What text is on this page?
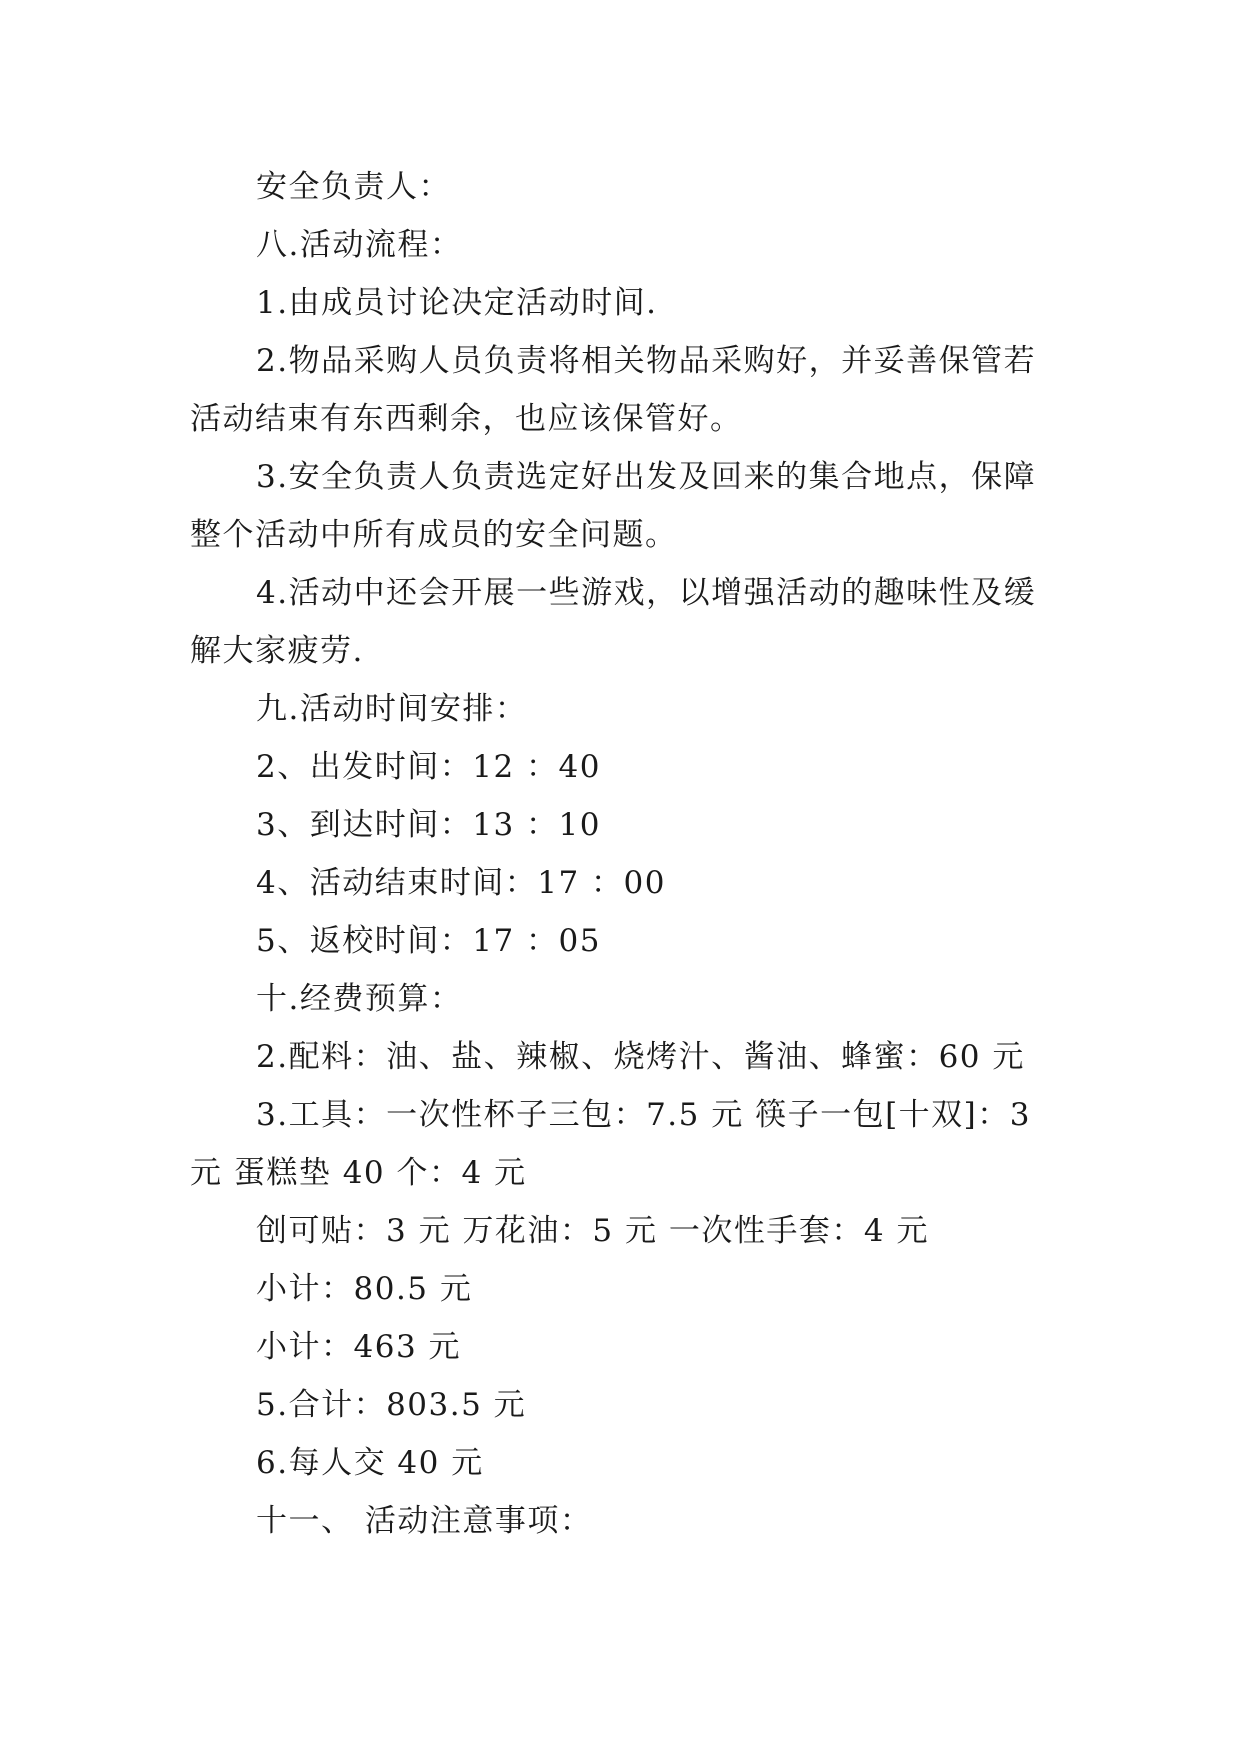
安全负责人：

八.活动流程：

1.由成员讨论决定活动时间.

2.物品采购人员负责将相关物品采购好，并妥善保管若活动结束有东西剩余，也应该保管好。

3.安全负责人负责选定好出发及回来的集合地点，保障整个活动中所有成员的安全问题。

4.活动中还会开展一些游戏，以增强活动的趣味性及缓解大家疲劳.

九.活动时间安排：

2、出发时间：12 ：40

3、到达时间：13 ：10

4、活动结束时间：17 ：00

5、返校时间：17 ：05

十.经费预算：

2.配料：油、盐、辣椒、烧烤汁、酱油、蜂蜜：60 元

3.工具：一次性杯子三包：7.5 元 筷子一包[十双]：3 元 蛋糕垫 40 个：4 元

创可贴：3 元 万花油：5 元 一次性手套：4 元

小计：80.5 元

小计：463 元

5.合计：803.5 元

6.每人交 40 元

十一、 活动注意事项：
